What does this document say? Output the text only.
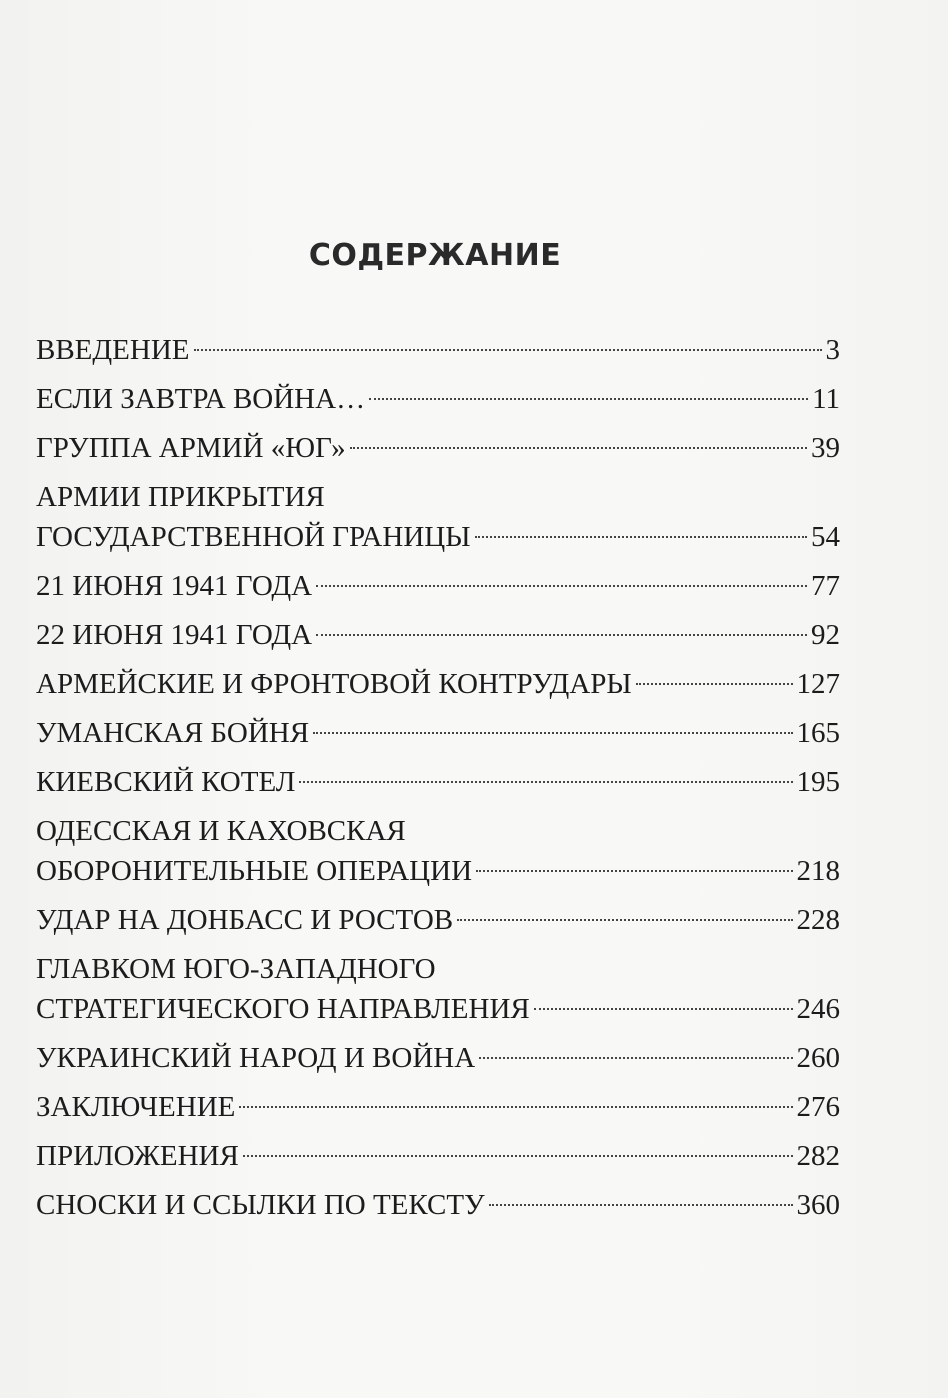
СОДЕРЖАНИЕ
ВВЕДЕНИЕ	3
ЕСЛИ ЗАВТРА ВОЙНА…	11
ГРУППА АРМИЙ «ЮГ»	39
АРМИИ ПРИКРЫТИЯ
ГОСУДАРСТВЕННОЙ ГРАНИЦЫ	54
21 ИЮНЯ 1941 ГОДА	77
22 ИЮНЯ 1941 ГОДА	92
АРМЕЙСКИЕ И ФРОНТОВОЙ КОНТРУДАРЫ	127
УМАНСКАЯ БОЙНЯ	165
КИЕВСКИЙ КОТЕЛ	195
ОДЕССКАЯ И КАХОВСКАЯ
ОБОРОНИТЕЛЬНЫЕ ОПЕРАЦИИ	218
УДАР НА ДОНБАСС И РОСТОВ	228
ГЛАВКОМ ЮГО-ЗАПАДНОГО
СТРАТЕГИЧЕСКОГО НАПРАВЛЕНИЯ	246
УКРАИНСКИЙ НАРОД И ВОЙНА	260
ЗАКЛЮЧЕНИЕ	276
ПРИЛОЖЕНИЯ	282
СНОСКИ И ССЫЛКИ ПО ТЕКСТУ	360
